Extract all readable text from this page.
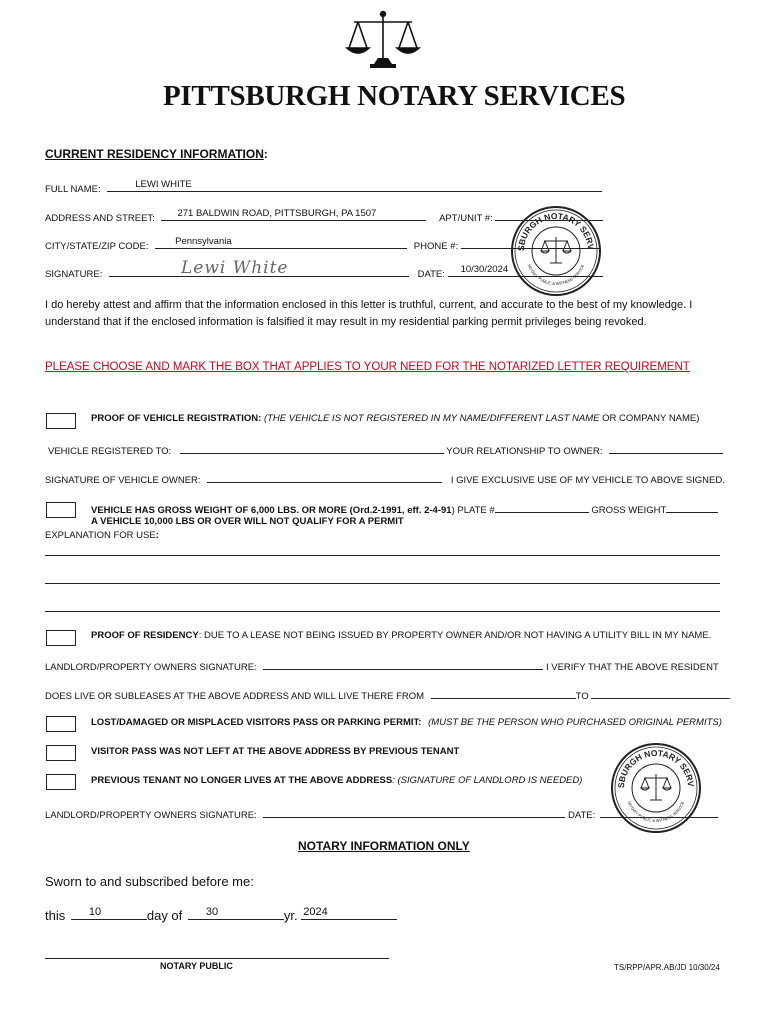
PITTSBURGH NOTARY SERVICES
CURRENT RESIDENCY INFORMATION:
FULL NAME:	LEWI WHITE
ADDRESS AND STREET: 271 BALDWIN ROAD, PITTSBURGH, PA 1507	APT/UNIT #:
CITY/STATE/ZIP CODE:	Pennsylvania	PHONE #:
SIGNATURE:	Lewi White	DATE: 10/30/2024
SBURGH NOTARY SERV
NOTARY PUBLIC & WITNESS SERVICE
I do hereby attest and affirm that the information enclosed in this letter is truthful, current, and accurate to the best of my knowledge. I understand that if the enclosed information is falsified it may result in my residential parking permit privileges being revoked.
PLEASE CHOOSE AND MARK THE BOX THAT APPLIES TO YOUR NEED FOR THE NOTARIZED LETTER REQUIREMENT
PROOF OF VEHICLE REGISTRATION: (THE VEHICLE IS NOT REGISTERED IN MY NAME/DIFFERENT LAST NAME OR COMPANY NAME)
VEHICLE REGISTERED TO:	YOUR RELATIONSHIP TO OWNER:
SIGNATURE OF VEHICLE OWNER:	I GIVE EXCLUSIVE USE OF MY VEHICLE TO ABOVE SIGNED.
VEHICLE HAS GROSS WEIGHT OF 6,000 LBS. OR MORE (Ord.2-1991, eff. 2-4-91) PLATE #	GROSS WEIGHT
A VEHICLE 10,000 LBS OR OVER WILL NOT QUALIFY FOR A PERMIT
EXPLANATION FOR USE:
PROOF OF RESIDENCY: DUE TO A LEASE NOT BEING ISSUED BY PROPERTY OWNER AND/OR NOT HAVING A UTILITY BILL IN MY NAME.
LANDLORD/PROPERTY OWNERS SIGNATURE:	I VERIFY THAT THE ABOVE RESIDENT
DOES LIVE OR SUBLEASES AT THE ABOVE ADDRESS AND WILL LIVE THERE FROM	TO	.
LOST/DAMAGED OR MISPLACED VISITORS PASS OR PARKING PERMIT: (MUST BE THE PERSON WHO PURCHASED ORIGINAL PERMITS)
VISITOR PASS WAS NOT LEFT AT THE ABOVE ADDRESS BY PREVIOUS TENANT
PREVIOUS TENANT NO LONGER LIVES AT THE ABOVE ADDRESS: (SIGNATURE OF LANDLORD IS NEEDED)	SBURGH NOTARY SERV
NOTARY PUBLIC & WITNESS SERVICE
LANDLORD/PROPERTY OWNERS SIGNATURE:	DATE:
NOTARY INFORMATION ONLY
Sworn to and subscribed before me:
this 10	day of 30	yr. 2024
NOTARY PUBLIC	TS/RPP/APR.AB/JD 10/30/24
